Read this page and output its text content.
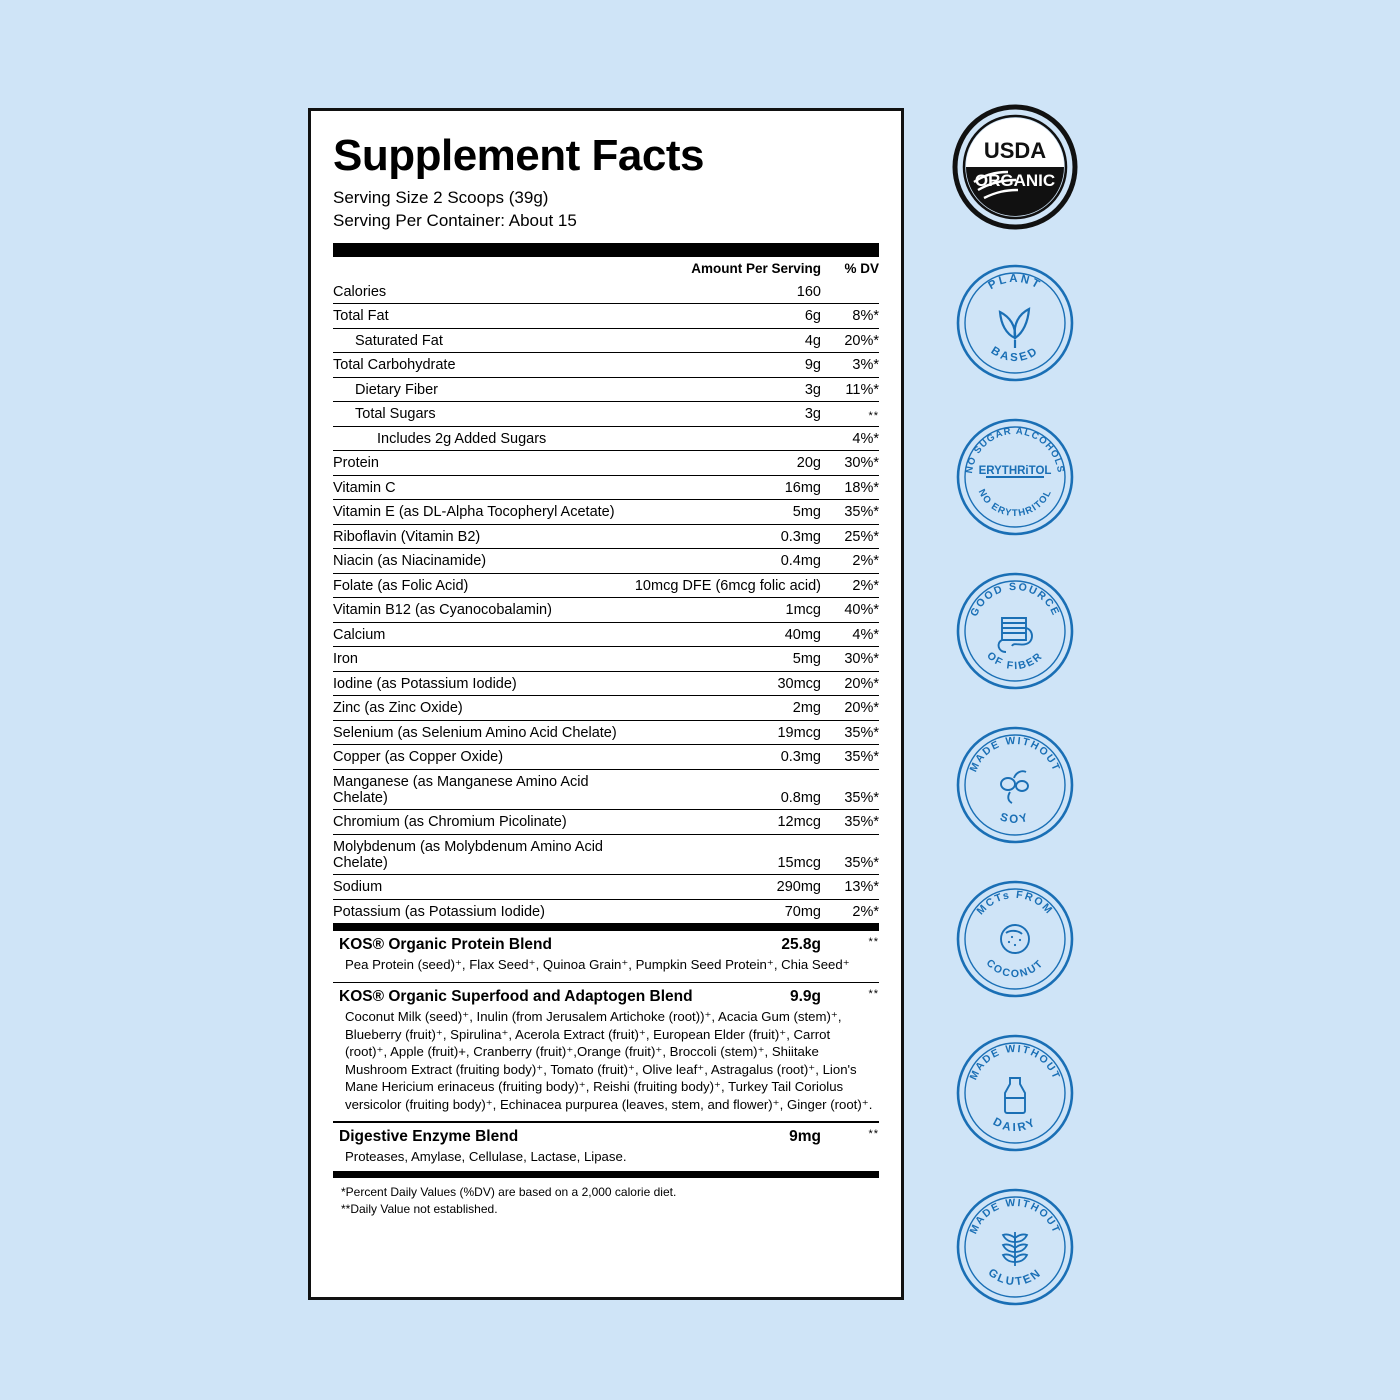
Supplement Facts
Serving Size 2 Scoops (39g)
Serving Per Container: About 15
	Amount Per Serving	% DV
Calories	160	
Total Fat	6g	8%*
Saturated Fat	4g	20%*
Total Carbohydrate	9g	3%*
Dietary Fiber	3g	11%*
Total Sugars	3g	**
Includes 2g Added Sugars		4%*
Protein	20g	30%*
Vitamin C	16mg	18%*
Vitamin E (as DL-Alpha Tocopheryl Acetate)	5mg	35%*
Riboflavin (Vitamin B2)	0.3mg	25%*
Niacin (as Niacinamide)	0.4mg	2%*
Folate (as Folic Acid)	10mcg DFE (6mcg folic acid)	2%*
Vitamin B12 (as Cyanocobalamin)	1mcg	40%*
Calcium	40mg	4%*
Iron	5mg	30%*
Iodine (as Potassium Iodide)	30mcg	20%*
Zinc (as Zinc Oxide)	2mg	20%*
Selenium (as Selenium Amino Acid Chelate)	19mcg	35%*
Copper (as Copper Oxide)	0.3mg	35%*
Manganese (as Manganese Amino Acid Chelate)	0.8mg	35%*
Chromium (as Chromium Picolinate)	12mcg	35%*
Molybdenum (as Molybdenum Amino Acid Chelate)	15mcg	35%*
Sodium	290mg	13%*
Potassium (as Potassium Iodide)	70mg	2%*
KOS® Organic Protein Blend	25.8g	**
Pea Protein (seed)⁺, Flax Seed⁺, Quinoa Grain⁺, Pumpkin Seed Protein⁺, Chia Seed⁺
KOS® Organic Superfood and Adaptogen Blend	9.9g	**
Coconut Milk (seed)⁺, Inulin (from Jerusalem Artichoke (root))⁺, Acacia Gum (stem)⁺, Blueberry (fruit)⁺, Spirulina⁺, Acerola Extract (fruit)⁺, European Elder (fruit)⁺, Carrot (root)⁺, Apple (fruit)+, Cranberry (fruit)⁺,Orange (fruit)⁺, Broccoli (stem)⁺, Shiitake Mushroom Extract (fruiting body)⁺, Tomato (fruit)⁺, Olive leaf⁺, Astragalus (root)⁺, Lion's Mane Hericium erinaceus (fruiting body)⁺, Reishi (fruiting body)⁺, Turkey Tail Coriolus versicolor (fruiting body)⁺, Echinacea purpurea (leaves, stem, and flower)⁺, Ginger (root)⁺.
Digestive Enzyme Blend	9mg	**
Proteases, Amylase, Cellulase, Lactase, Lipase.
*Percent Daily Values (%DV) are based on a 2,000 calorie diet.
**Daily Value not established.
USDA
ORGANIC
PLANT
BASED
ERYTHRiTOL
NO SUGAR ALCOHOLS
NO ERYTHRITOL
GOOD SOURCE
OF FIBER
MADE WITHOUT
SOY
MCTs FROM
COCONUT
MADE WITHOUT
DAIRY
MADE WITHOUT
GLUTEN
